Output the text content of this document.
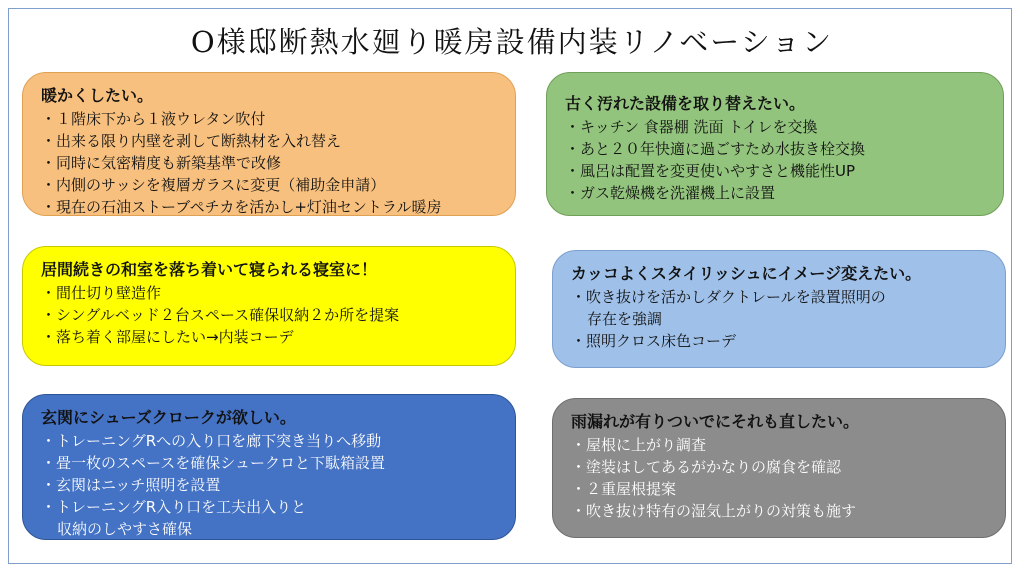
O様邸断熱水廻り暖房設備内装リノベーション
暖かくしたい。
・ １階床下から１液ウレタン吹付
・ 出来る限り内壁を剥して断熱材を入れ替え
・ 同時に気密精度も新築基準で改修
・ 内側のサッシを複層ガラスに変更（補助金申請）
・ 現在の石油ストーブペチカを活かし+灯油セントラル暖房
古く汚れた設備を取り替えたい。
・ キッチン 食器棚 洗面 トイレを交換
・ あと２０年快適に過ごすため水抜き栓交換
・ 風呂は配置を変更使いやすさと機能性UP
・ ガス乾燥機を洗濯機上に設置
居間続きの和室を落ち着いて寝られる寝室に！
・ 間仕切り壁造作
・ シングルベッド２台スペース確保収納２か所を提案
・ 落ち着く部屋にしたい→内装コーデ
カッコよくスタイリッシュにイメージ変えたい。
・ 吹き抜けを活かしダクトレールを設置照明の
存在を強調
・ 照明クロス床色コーデ
玄関にシューズクロークが欲しい。
・ トレーニングRへの入り口を廊下突き当りへ移動
・ 畳一枚のスペースを確保シュークロと下駄箱設置
・ 玄関はニッチ照明を設置
・ トレーニングR入り口を工夫出入りと
収納のしやすさ確保
雨漏れが有りついでにそれも直したい。
・ 屋根に上がり調査
・ 塗装はしてあるがかなりの腐食を確認
・ ２重屋根提案
・ 吹き抜け特有の湿気上がりの対策も施す
